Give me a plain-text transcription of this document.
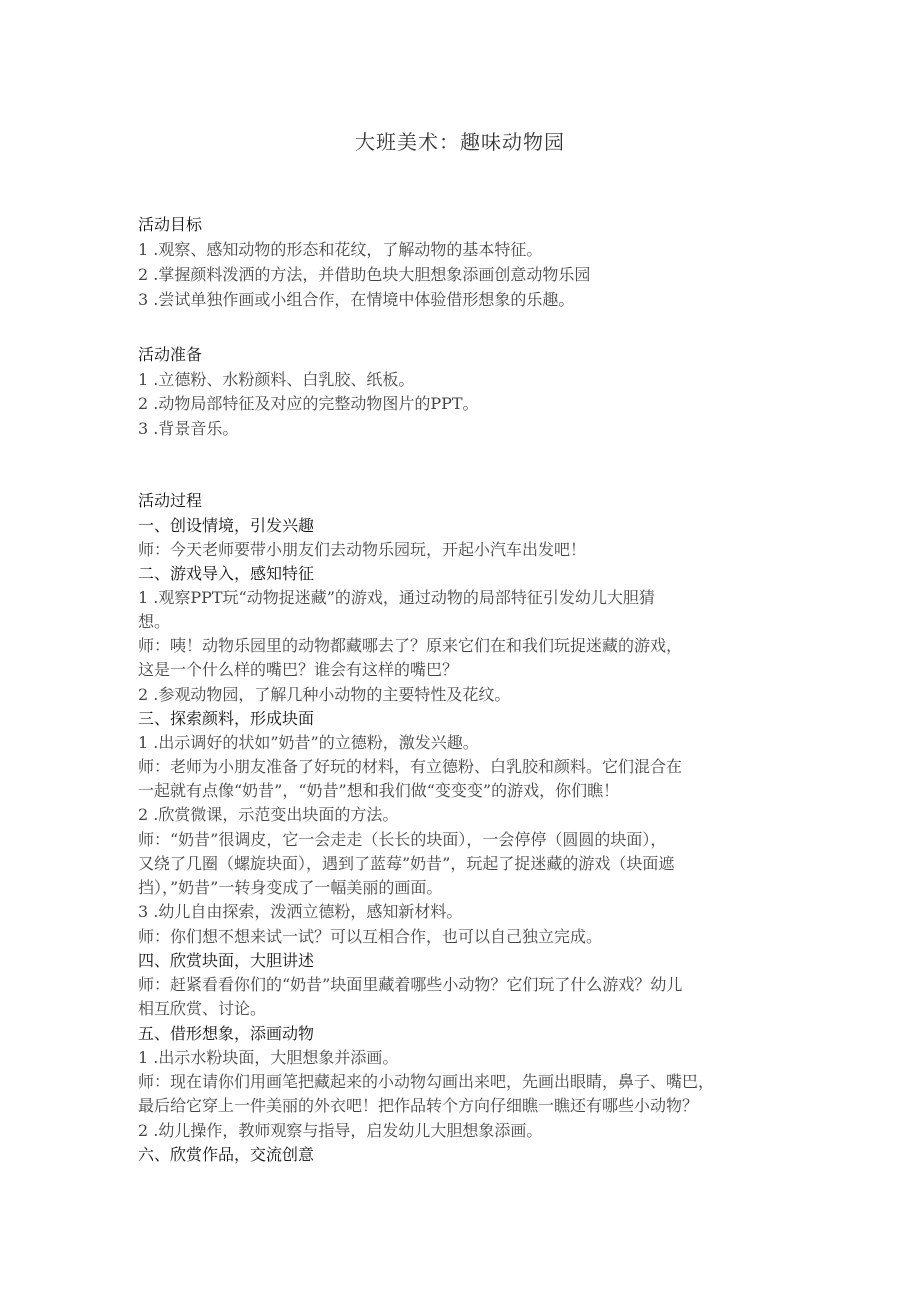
大班美术：趣味动物园
活动目标
1 .观察、感知动物的形态和花纹，了解动物的基本特征。
2 .掌握颜料泼洒的方法，并借助色块大胆想象添画创意动物乐园
3 .尝试单独作画或小组合作，在情境中体验借形想象的乐趣。
活动准备
1 .立德粉、水粉颜料、白乳胶、纸板。
2 .动物局部特征及对应的完整动物图片的PPT。
3 .背景音乐。
活动过程
一、创设情境，引发兴趣
师：今天老师要带小朋友们去动物乐园玩，开起小汽车出发吧！
二、游戏导入，感知特征
1 .观察PPT玩“动物捉迷藏”的游戏，通过动物的局部特征引发幼儿大胆猜
想。
师：咦！动物乐园里的动物都藏哪去了？原来它们在和我们玩捉迷藏的游戏，
这是一个什么样的嘴巴？谁会有这样的嘴巴？
2 .参观动物园，了解几种小动物的主要特性及花纹。
三、探索颜料，形成块面
1 .出示调好的状如”奶昔”的立德粉，激发兴趣。
师：老师为小朋友准备了好玩的材料，有立德粉、白乳胶和颜料。它们混合在
一起就有点像“奶昔”，“奶昔”想和我们做“变变变”的游戏，你们瞧！
2 .欣赏微课，示范变出块面的方法。
师：“奶昔”很调皮，它一会走走（长长的块面），一会停停（圆圆的块面），
又绕了几圈（螺旋块面），遇到了蓝莓”奶昔”，玩起了捉迷藏的游戏（块面遮
挡），”奶昔”一转身变成了一幅美丽的画面。
3 .幼儿自由探索，泼洒立德粉，感知新材料。
师：你们想不想来试一试？可以互相合作，也可以自己独立完成。
四、欣赏块面，大胆讲述
师：赶紧看看你们的“奶昔”块面里藏着哪些小动物？它们玩了什么游戏？幼儿
相互欣赏、讨论。
五、借形想象，添画动物
1 .出示水粉块面，大胆想象并添画。
师：现在请你们用画笔把藏起来的小动物勾画出来吧，先画出眼睛，鼻子、嘴巴，
最后给它穿上一件美丽的外衣吧！把作品转个方向仔细瞧一瞧还有哪些小动物？
2 .幼儿操作，教师观察与指导，启发幼儿大胆想象添画。
六、欣赏作品，交流创意
